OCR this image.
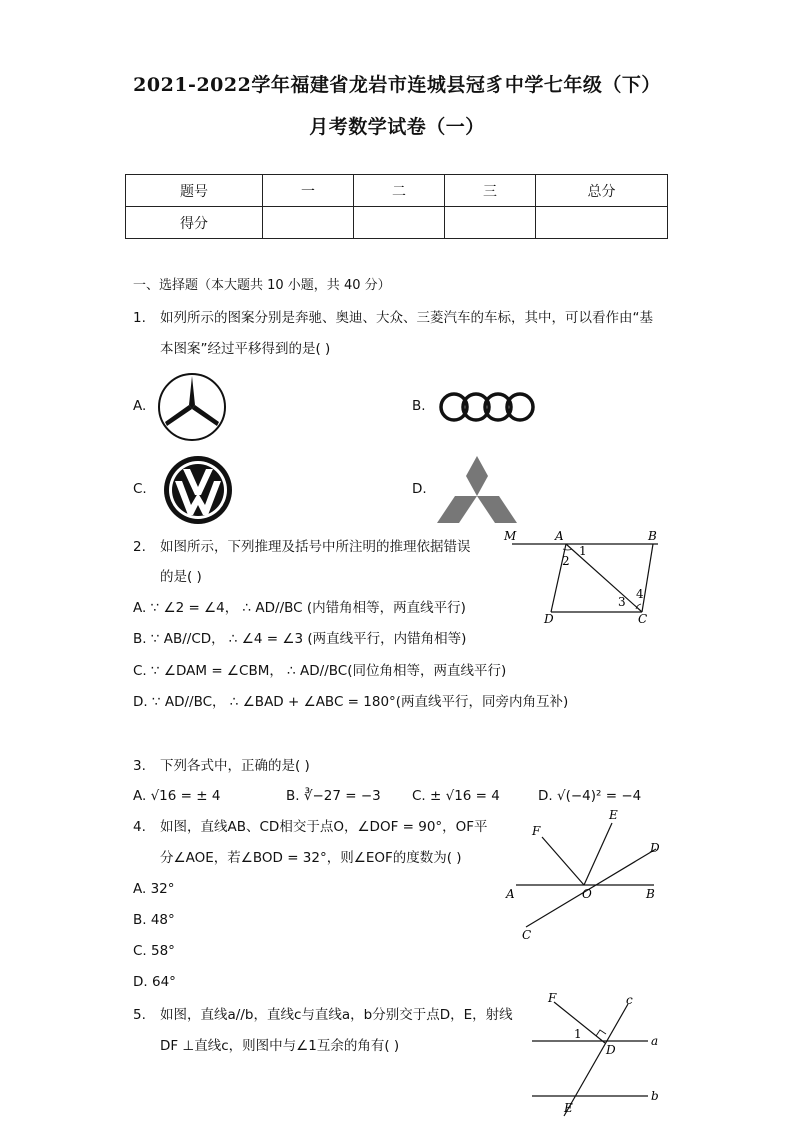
2021-2022学年福建省龙岩市连城县冠豸中学七年级（下）
月考数学试卷（一）
题号	一	二	三	总分
得分				
一、选择题（本大题共 10 小题，共 40 分）
1. 如列所示的图案分别是奔驰、奥迪、大众、三菱汽车的车标，其中，可以看作由“基
本图案”经过平移得到的是( )
A.	B.
C.	D.
2. 如图所示，下列推理及括号中所注明的推理依据错误
的是( )
M	A	B
D	C
1
2
3
4
A. ∵ ∠2 = ∠4， ∴ AD//BC (内错角相等，两直线平行)
B. ∵ AB//CD， ∴ ∠4 = ∠3 (两直线平行，内错角相等)
C. ∵ ∠DAM = ∠CBM， ∴ AD//BC(同位角相等，两直线平行)
D. ∵ AD//BC， ∴ ∠BAD + ∠ABC = 180°(两直线平行，同旁内角互补)
3. 下列各式中，正确的是( )
A. √16 = ± 4	B. ∛−27 = −3 C. ± √16 = 4	D. √(−4)² = −4
4. 如图，直线AB、CD相交于点O，∠DOF = 90°，OF平
分∠AOE，若∠BOD = 32°，则∠EOF的度数为( )
F
E
D
A	O	B
C
A. 32°
B. 48°
C. 58°
D. 64°
5. 如图，直线a//b，直线c与直线a，b分别交于点D，E，射线
DF ⊥直线c，则图中与∠1互余的角有( )
F	c
1
D
a
b
E
